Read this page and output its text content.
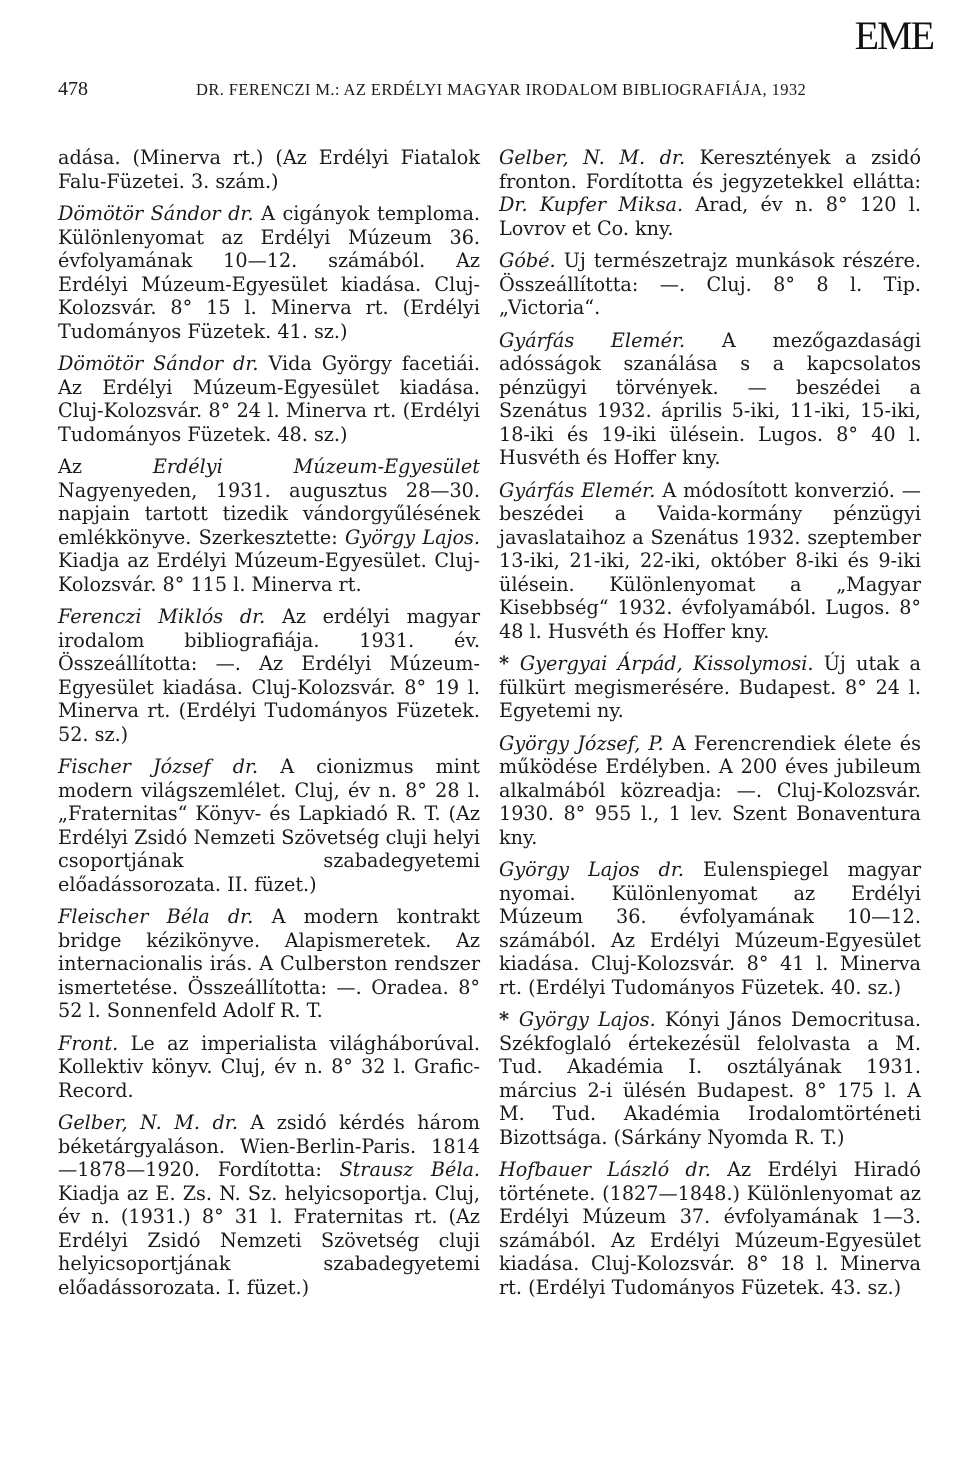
EME
478	DR. FERENCZI M.: AZ ERDÉLYI MAGYAR IRODALOM BIBLIOGRAFIÁJA, 1932
adása. (Minerva rt.) (Az Erdélyi Fiatalok Falu-Füzetei. 3. szám.)
Dömötör Sándor dr. A cigányok temploma. Különlenyomat az Erdélyi Múzeum 36. évfolyamának 10—12. számából. Az Erdélyi Múzeum-Egyesület kiadása. Cluj-Kolozsvár. 8° 15 l. Minerva rt. (Erdélyi Tudományos Füzetek. 41. sz.)
Dömötör Sándor dr. Vida György facetiái. Az Erdélyi Múzeum-Egyesület kiadása. Cluj-Kolozsvár. 8° 24 l. Minerva rt. (Erdélyi Tudományos Füzetek. 48. sz.)
Az Erdélyi Múzeum-Egyesület Nagyenyeden, 1931. augusztus 28—30. napjain tartott tizedik vándorgyűlésének emlékkönyve. Szerkesztette: György Lajos. Kiadja az Erdélyi Múzeum-Egyesület. Cluj-Kolozsvár. 8° 115 l. Minerva rt.
Ferenczi Miklós dr. Az erdélyi magyar irodalom bibliografiája. 1931. év. Összeállította: —. Az Erdélyi Múzeum-Egyesület kiadása. Cluj-Kolozsvár. 8° 19 l. Minerva rt. (Erdélyi Tudományos Füzetek. 52. sz.)
Fischer József dr. A cionizmus mint modern világszemlélet. Cluj, év n. 8° 28 l. „Fraternitas“ Könyv- és Lapkiadó R. T. (Az Erdélyi Zsidó Nemzeti Szövetség cluji helyi csoportjának szabadegyetemi előadássorozata. II. füzet.)
Fleischer Béla dr. A modern kontrakt bridge kézikönyve. Alapismeretek. Az internacionalis irás. A Culberston rendszer ismertetése. Összeállította: —. Oradea. 8° 52 l. Sonnenfeld Adolf R. T.
Front. Le az imperialista világháborúval. Kollektiv könyv. Cluj, év n. 8° 32 l. Grafic-Record.
Gelber, N. M. dr. A zsidó kérdés három béketárgyaláson. Wien-Berlin-Paris. 1814—1878—1920. Fordította: Strausz Béla. Kiadja az E. Zs. N. Sz. helyicsoportja. Cluj, év n. (1931.) 8° 31 l. Fraternitas rt. (Az Erdélyi Zsidó Nemzeti Szövetség cluji helyicsoportjának szabadegyetemi előadássorozata. I. füzet.)
Gelber, N. M. dr. Keresztények a zsidó fronton. Fordította és jegyzetekkel ellátta: Dr. Kupfer Miksa. Arad, év n. 8° 120 l. Lovrov et Co. kny.
Góbé. Uj természetrajz munkások részére. Összeállította: —. Cluj. 8° 8 l. Tip. „Victoria“.
Gyárfás Elemér. A mezőgazdasági adósságok szanálása s a kapcsolatos pénzügyi törvények. — beszédei a Szenátus 1932. április 5-iki, 11-iki, 15-iki, 18-iki és 19-iki ülésein. Lugos. 8° 40 l. Husvéth és Hoffer kny.
Gyárfás Elemér. A módosított konverzió. — beszédei a Vaida-kormány pénzügyi javaslataihoz a Szenátus 1932. szeptember 13-iki, 21-iki, 22-iki, október 8-iki és 9-iki ülésein. Különlenyomat a „Magyar Kisebbség“ 1932. évfolyamából. Lugos. 8° 48 l. Husvéth és Hoffer kny.
* Gyergyai Árpád, Kissolymosi. Új utak a fülkürt megismerésére. Budapest. 8° 24 l. Egyetemi ny.
György József, P. A Ferencrendiek élete és működése Erdélyben. A 200 éves jubileum alkalmából közreadja: —. Cluj-Kolozsvár. 1930. 8° 955 l., 1 lev. Szent Bonaventura kny.
György Lajos dr. Eulenspiegel magyar nyomai. Különlenyomat az Erdélyi Múzeum 36. évfolyamának 10—12. számából. Az Erdélyi Múzeum-Egyesület kiadása. Cluj-Kolozsvár. 8° 41 l. Minerva rt. (Erdélyi Tudományos Füzetek. 40. sz.)
* György Lajos. Kónyi János Democritusa. Székfoglaló értekezésül felolvasta a M. Tud. Akadémia I. osztályának 1931. március 2-i ülésén Budapest. 8° 175 l. A M. Tud. Akadémia Irodalomtörténeti Bizottsága. (Sárkány Nyomda R. T.)
Hofbauer László dr. Az Erdélyi Hiradó története. (1827—1848.) Különlenyomat az Erdélyi Múzeum 37. évfolyamának 1—3. számából. Az Erdélyi Múzeum-Egyesület kiadása. Cluj-Kolozsvár. 8° 18 l. Minerva rt. (Erdélyi Tudományos Füzetek. 43. sz.)
